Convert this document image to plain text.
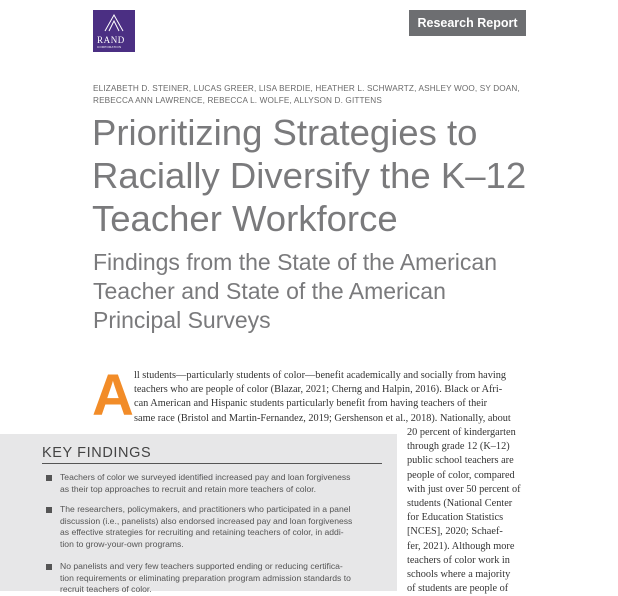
RAND
CORPORATION
Research Report
ELIZABETH D. STEINER, LUCAS GREER, LISA BERDIE, HEATHER L. SCHWARTZ, ASHLEY WOO, SY DOAN,
REBECCA ANN LAWRENCE, REBECCA L. WOLFE, ALLYSON D. GITTENS
Prioritizing Strategies to
Racially Diversify the K–12
Teacher Workforce
Findings from the State of the American
Teacher and State of the American
Principal Surveys
A ll students—particularly students of color—benefit academically and socially from having
teachers who are people of color (Blazar, 2021; Cherng and Halpin, 2016). Black or Afri-
can American and Hispanic students particularly benefit from having teachers of their
same race (Bristol and Martin-Fernandez, 2019; Gershenson et al., 2018). Nationally, about
20 percent of kindergarten
through grade 12 (K–12)
public school teachers are
people of color, compared
with just over 50 percent of
students (National Center
for Education Statistics
[NCES], 2020; Schaef-
fer, 2021). Although more
teachers of color work in
schools where a majority
of students are people of
KEY FINDINGS
Teachers of color we surveyed identified increased pay and loan forgiveness
as their top approaches to recruit and retain more teachers of color.
The researchers, policymakers, and practitioners who participated in a panel
discussion (i.e., panelists) also endorsed increased pay and loan forgiveness
as effective strategies for recruiting and retaining teachers of color, in addi-
tion to grow-your-own programs.
No panelists and very few teachers supported ending or reducing certifica-
tion requirements or eliminating preparation program admission standards to
recruit teachers of color.
